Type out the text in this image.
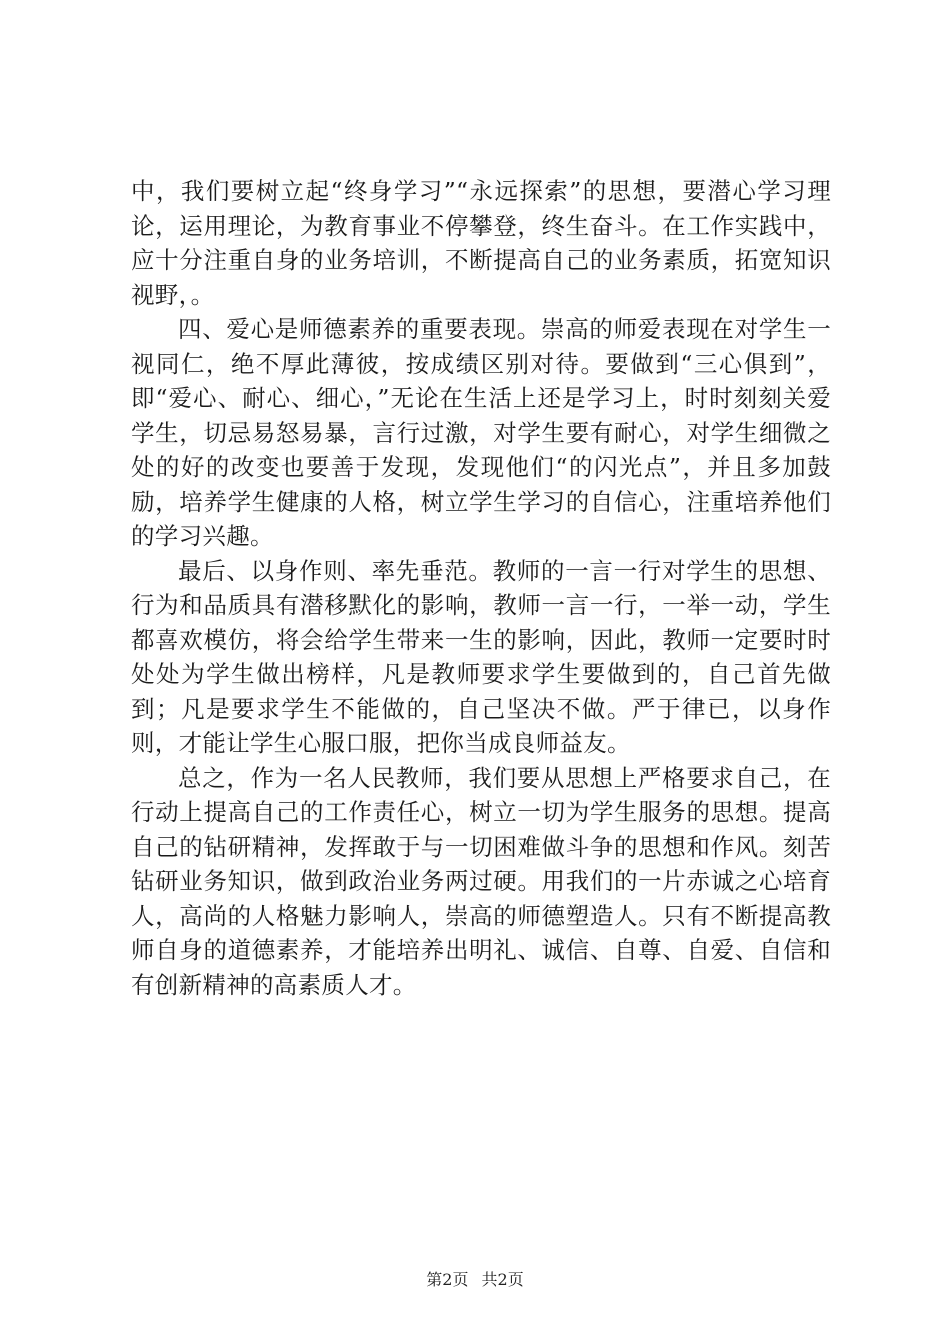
中，我们要树立起“终身学习”“永远探索”的思想，要潜心学习理论，运用理论，为教育事业不停攀登，终生奋斗。在工作实践中，应十分注重自身的业务培训，不断提高自己的业务素质，拓宽知识视野，。

四、爱心是师德素养的重要表现。崇高的师爱表现在对学生一视同仁，绝不厚此薄彼，按成绩区别对待。要做到“三心俱到”，即“爱心、耐心、细心，”无论在生活上还是学习上，时时刻刻关爱学生，切忌易怒易暴，言行过激，对学生要有耐心，对学生细微之处的好的改变也要善于发现，发现他们“的闪光点”，并且多加鼓励，培养学生健康的人格，树立学生学习的自信心，注重培养他们的学习兴趣。

最后、以身作则、率先垂范。教师的一言一行对学生的思想、行为和品质具有潜移默化的影响，教师一言一行，一举一动，学生都喜欢模仿，将会给学生带来一生的影响，因此，教师一定要时时处处为学生做出榜样，凡是教师要求学生要做到的，自己首先做到；凡是要求学生不能做的，自己坚决不做。严于律已，以身作则，才能让学生心服口服，把你当成良师益友。

总之，作为一名人民教师，我们要从思想上严格要求自己，在行动上提高自己的工作责任心，树立一切为学生服务的思想。提高自己的钻研精神，发挥敢于与一切困难做斗争的思想和作风。刻苦钻研业务知识，做到政治业务两过硬。用我们的一片赤诚之心培育人，高尚的人格魅力影响人，崇高的师德塑造人。只有不断提高教师自身的道德素养，才能培养出明礼、诚信、自尊、自爱、自信和有创新精神的高素质人才。

第2页 共2页
